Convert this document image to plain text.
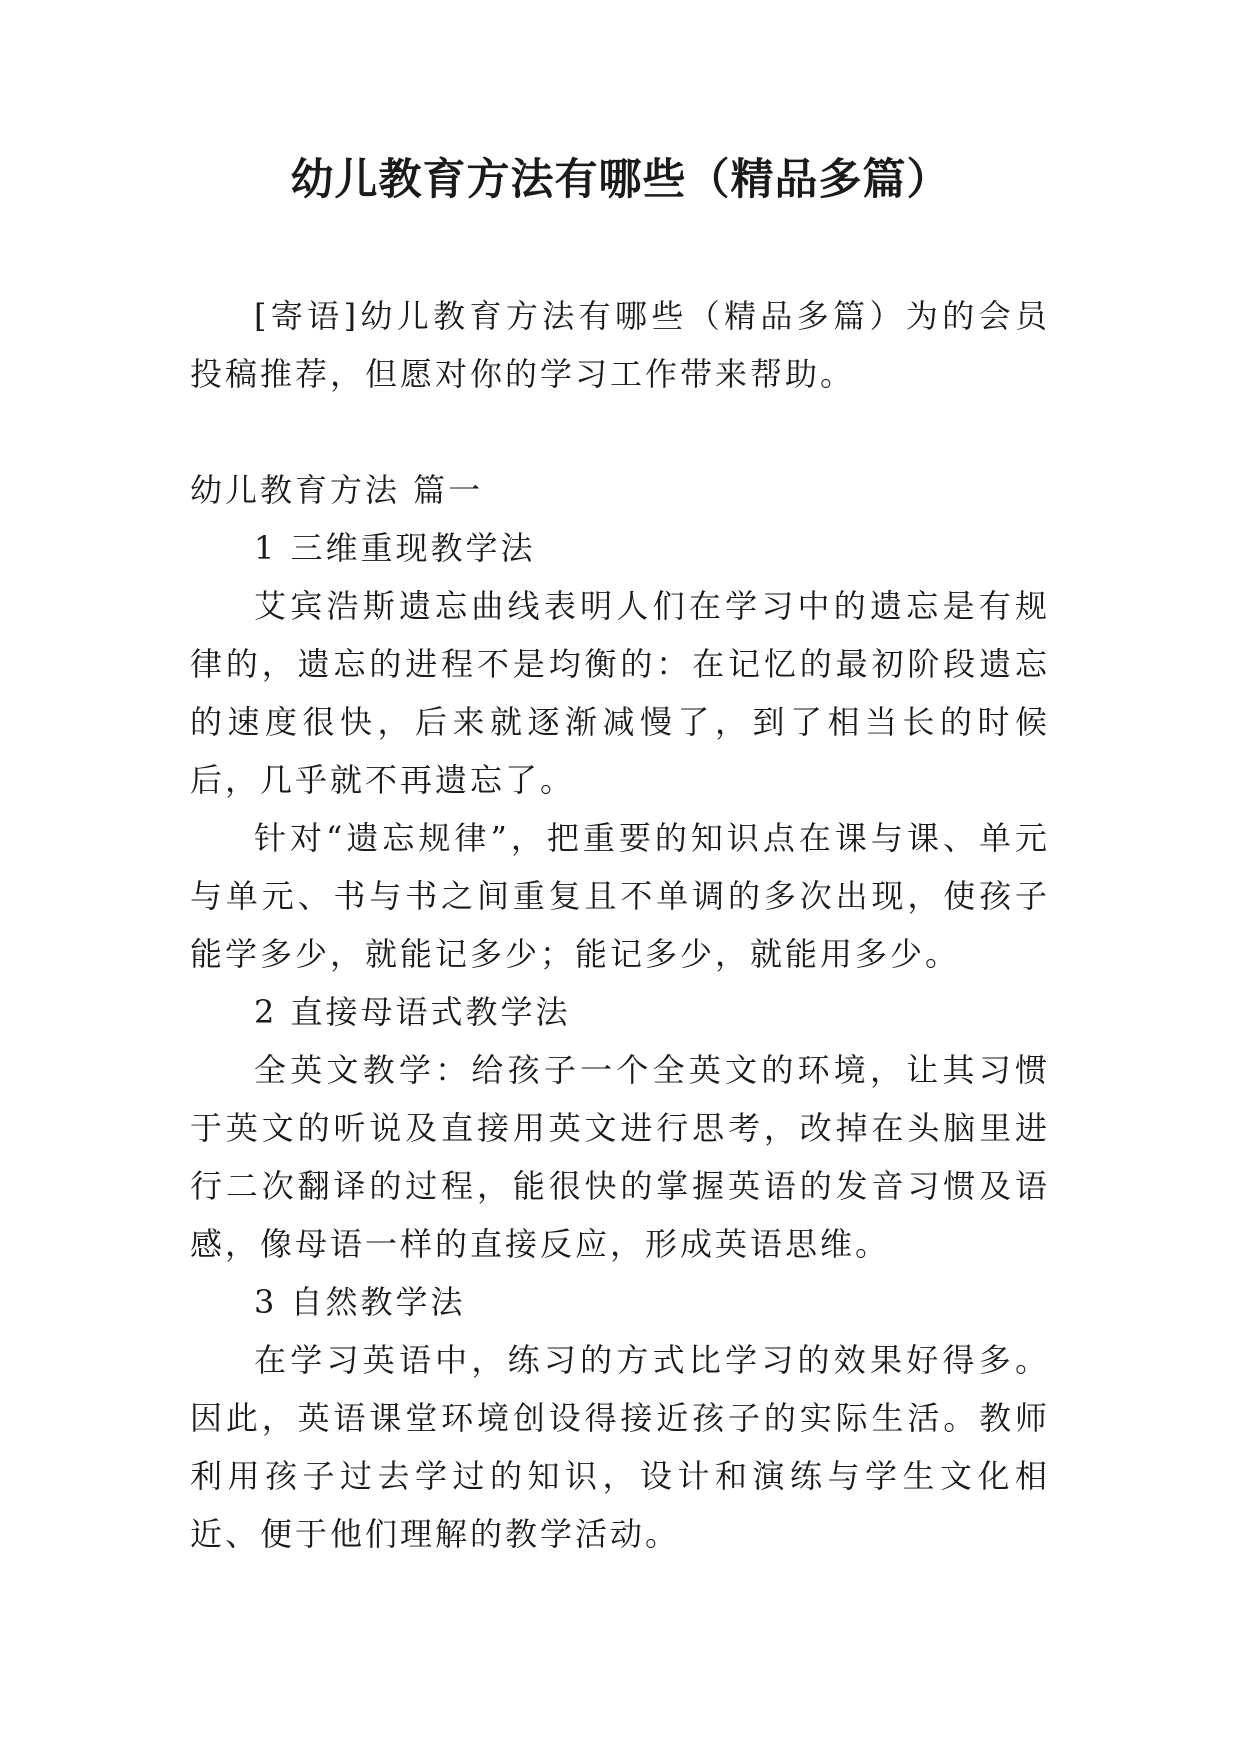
幼儿教育方法有哪些（精品多篇）

[寄语]幼儿教育方法有哪些（精品多篇）为的会员投稿推荐，但愿对你的学习工作带来帮助。

幼儿教育方法 篇一

1 三维重现教学法

艾宾浩斯遗忘曲线表明人们在学习中的遗忘是有规律的，遗忘的进程不是均衡的：在记忆的最初阶段遗忘的速度很快，后来就逐渐减慢了，到了相当长的时候后，几乎就不再遗忘了。

针对“遗忘规律”，把重要的知识点在课与课、单元与单元、书与书之间重复且不单调的多次出现，使孩子能学多少，就能记多少；能记多少，就能用多少。

2 直接母语式教学法

全英文教学：给孩子一个全英文的环境，让其习惯于英文的听说及直接用英文进行思考，改掉在头脑里进行二次翻译的过程，能很快的掌握英语的发音习惯及语感，像母语一样的直接反应，形成英语思维。

3 自然教学法

在学习英语中，练习的方式比学习的效果好得多。因此，英语课堂环境创设得接近孩子的实际生活。教师利用孩子过去学过的知识，设计和演练与学生文化相近、便于他们理解的教学活动。
